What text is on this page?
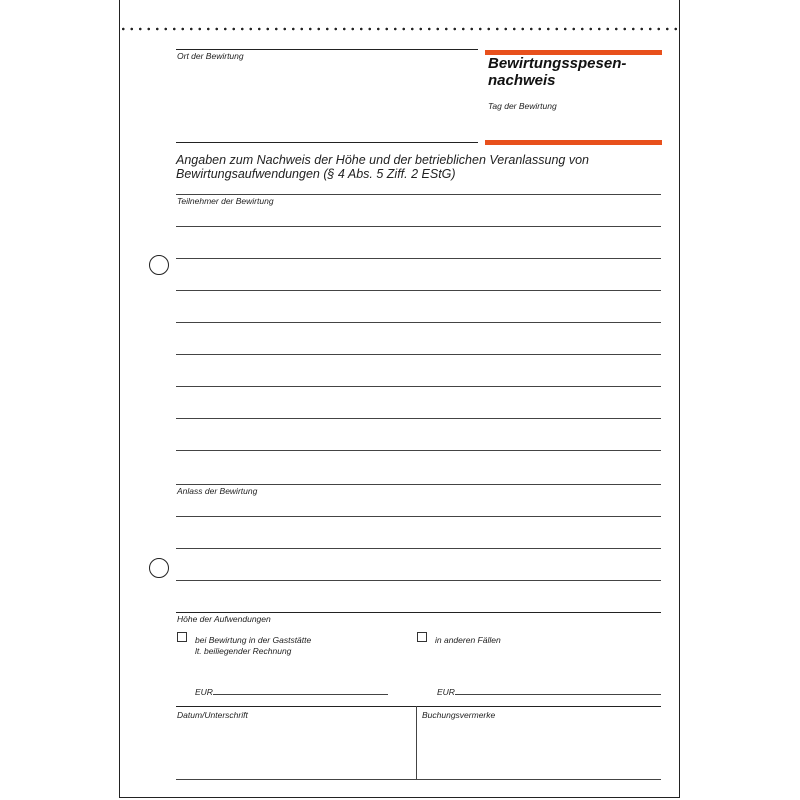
Ort der Bewirtung	Bewirtungsspesen-
nachweis
Tag der Bewirtung
Angaben zum Nachweis der Höhe und der betrieblichen Veranlassung von Bewirtungsaufwendungen (§ 4 Abs. 5 Ziff. 2 EStG)
Teilnehmer der Bewirtung
Anlass der Bewirtung
Höhe der Aufwendungen
bei Bewirtung in der Gaststätte
lt. beiliegender Rechnung
in anderen Fällen
EUR	EUR
Datum/Unterschrift	Buchungsvermerke
